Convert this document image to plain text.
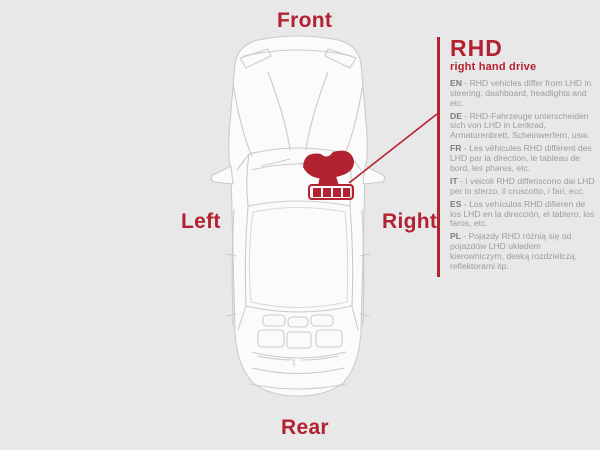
Front
Left	Right
Rear
RHD
right hand drive

EN - RHD vehicles differ from LHD in steering, dashboard, headlights and etc.

DE - RHD-Fahrzeuge unterscheiden sich von LHD in Lenkrad, Armaturenbrett, Scheinwerfern, usw.

FR - Les véhicules RHD diffèrent des LHD par la direction, le tableau de bord, les phares, etc.

IT - I veicoli RHD differiscono dai LHD per lo sterzo, il cruscotto, i fari, ecc.

ES - Los vehículos RHD difieren de los LHD en la dirección, el tablero, los faros, etc.

PL - Pojazdy RHD różnią się od pojazdów LHD układem kierowniczym, deską rozdzielczą, reflektorami itp.
